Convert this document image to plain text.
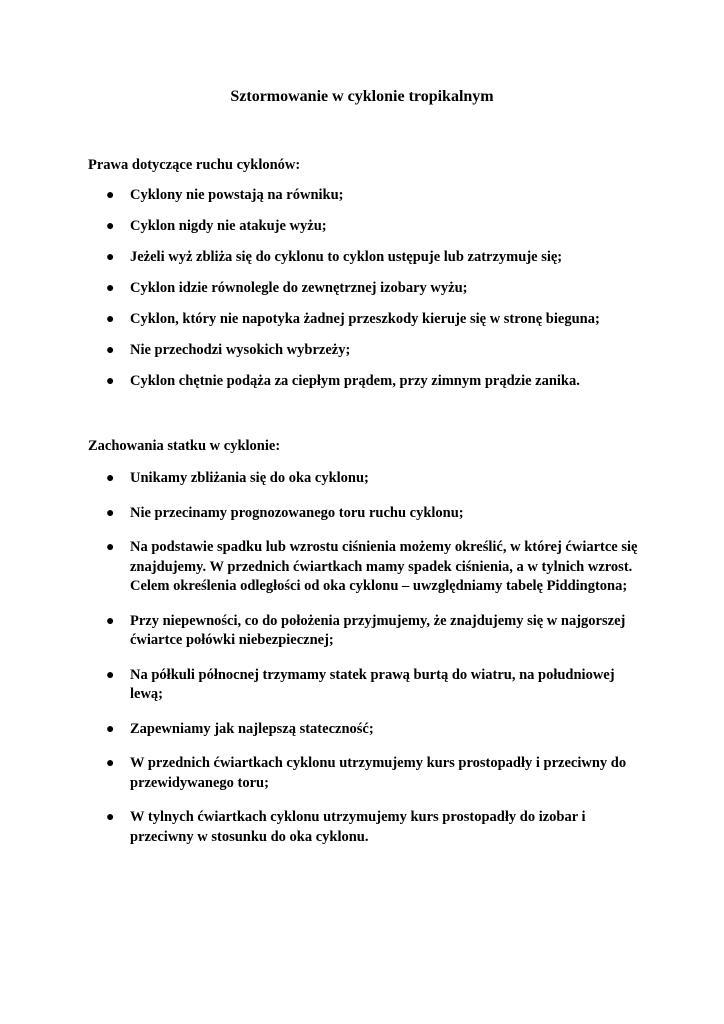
Sztormowanie w cyklonie tropikalnym
Prawa dotyczące ruchu cyklonów:
● Cyklony nie powstają na równiku;
● Cyklon nigdy nie atakuje wyżu;
● Jeżeli wyż zbliża się do cyklonu to cyklon ustępuje lub zatrzymuje się;
● Cyklon idzie równolegle do zewnętrznej izobary wyżu;
● Cyklon, który nie napotyka żadnej przeszkody kieruje się w stronę bieguna;
● Nie przechodzi wysokich wybrzeży;
● Cyklon chętnie podąża za ciepłym prądem, przy zimnym prądzie zanika.
Zachowania statku w cyklonie:
● Unikamy zbliżania się do oka cyklonu;
● Nie przecinamy prognozowanego toru ruchu cyklonu;
● Na podstawie spadku lub wzrostu ciśnienia możemy określić, w której ćwiartce się znajdujemy. W przednich ćwiartkach mamy spadek ciśnienia, a w tylnich wzrost. Celem określenia odległości od oka cyklonu – uwzględniamy tabelę Piddingtona;
● Przy niepewności, co do położenia przyjmujemy, że znajdujemy się w najgorszej ćwiartce połówki niebezpiecznej;
● Na półkuli północnej trzymamy statek prawą burtą do wiatru, na południowej lewą;
● Zapewniamy jak najlepszą stateczność;
● W przednich ćwiartkach cyklonu utrzymujemy kurs prostopadły i przeciwny do przewidywanego toru;
● W tylnych ćwiartkach cyklonu utrzymujemy kurs prostopadły do izobar i przeciwny w stosunku do oka cyklonu.
